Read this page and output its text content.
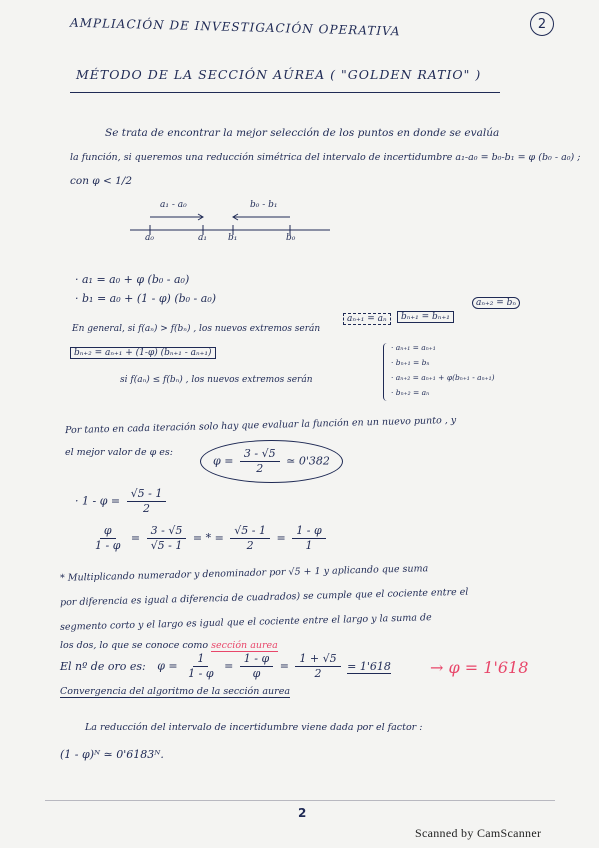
AMPLIACIÓN DE INVESTIGACIÓN OPERATIVA	2
MÉTODO DE LA SECCIÓN AÚREA ( "GOLDEN RATIO" )
Se trata de encontrar la mejor selección de los puntos en donde se evalúa
la función, si queremos una reducción simétrica del intervalo de incertidumbre a₁-a₀ = b₀-b₁ = φ (b₀ - a₀) ;
con φ < 1/2
a₁ - a₀	b₀ - b₁
a₀	a₁ b₁	b₀
· a₁ = a₀ + φ (b₀ - a₀)
· b₁ = a₀ + (1 - φ) (b₀ - a₀)
En general, si f(aₙ) > f(bₙ) , los nuevos extremos serán
aₙ₊₁ = aₙ	bₙ₊₁ = bₙ₊₁
aₙ₊₂ = bₙ
bₙ₊₂ = aₙ₊₁ + (1-φ) (bₙ₊₁ - aₙ₊₁)
si f(aₙ) ≤ f(bₙ) , los nuevos extremos serán
· aₙ₊₁ = aₙ₊₁
· bₙ₊₁ = bₙ
· aₙ₊₂ = aₙ₊₁ + φ(bₙ₊₁ - aₙ₊₁)
· bₙ₊₂ = aₙ
Por tanto en cada iteración solo hay que evaluar la función en un nuevo punto , y
el mejor valor de φ es:
$\varphi = \frac{3 - √5}{2}$ ≃ 0'382
· $1 - \varphi = \frac{√5 - 1}{2}$
$\frac{\varphi}{1 - \varphi} = \frac{3 - √5}{√5 - 1}$ = * = $\frac{√5 - 1}{2} = \frac{1 - \varphi}{1}$
* Multiplicando numerador y denominador por √5 + 1 y aplicando que suma
por diferencia es igual a diferencia de cuadrados) se cumple que el cociente entre el
segmento corto y el largo es igual que el cociente entre el largo y la suma de
los dos, lo que se conoce como sección aurea
El nº de oro es: $\varphi = \frac{1}{1 - \varphi} = \frac{1 - \varphi}{\varphi} = \frac{1 + √5}{2} = 1'618 \to \varphi = 1'618$
Convergencia del algoritmo de la sección aurea
La reducción del intervalo de incertidumbre viene dada por el factor :
(1 - φ)ᴺ ≃ 0'6183ᴺ.
2
Scanned by CamScanner
